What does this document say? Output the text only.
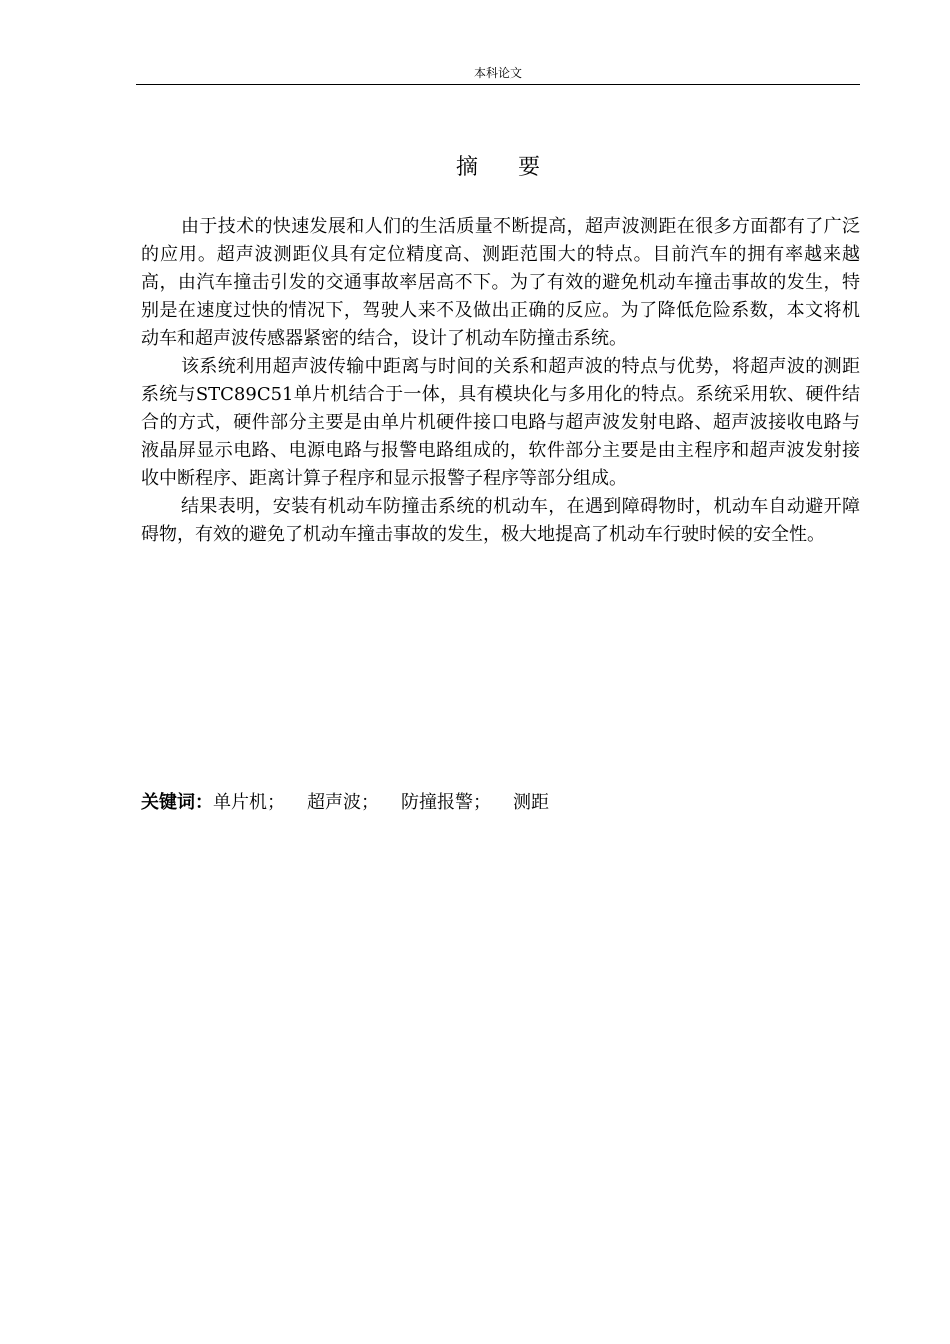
本科论文
摘要

由于技术的快速发展和人们的生活质量不断提高，超声波测距在很多方面都有了广泛的应用。超声波测距仪具有定位精度高、测距范围大的特点。目前汽车的拥有率越来越高，由汽车撞击引发的交通事故率居高不下。为了有效的避免机动车撞击事故的发生，特别是在速度过快的情况下，驾驶人来不及做出正确的反应。为了降低危险系数，本文将机动车和超声波传感器紧密的结合，设计了机动车防撞击系统。

该系统利用超声波传输中距离与时间的关系和超声波的特点与优势，将超声波的测距系统与STC89C51单片机结合于一体，具有模块化与多用化的特点。系统采用软、硬件结合的方式，硬件部分主要是由单片机硬件接口电路与超声波发射电路、超声波接收电路与液晶屏显示电路、电源电路与报警电路组成的，软件部分主要是由主程序和超声波发射接收中断程序、距离计算子程序和显示报警子程序等部分组成。

结果表明，安装有机动车防撞击系统的机动车，在遇到障碍物时，机动车自动避开障碍物，有效的避免了机动车撞击事故的发生，极大地提高了机动车行驶时候的安全性。

关键词：单片机； 超声波； 防撞报警； 测距
